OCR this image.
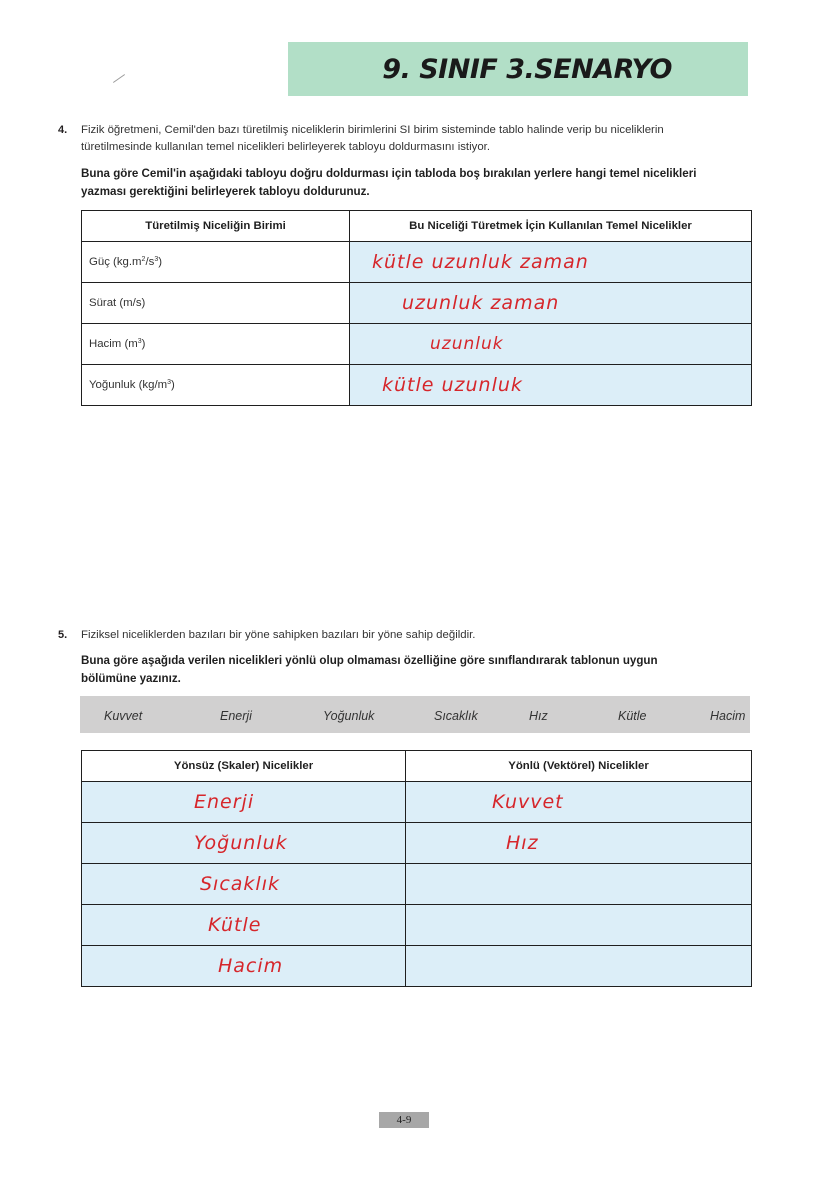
9. SINIF 3.SENARYO
4. Fizik öğretmeni, Cemil'den bazı türetilmiş niceliklerin birimlerini SI birim sisteminde tablo halinde verip bu niceliklerin
türetilmesinde kullanılan temel nicelikleri belirleyerek tabloyu doldurmasını istiyor.
Buna göre Cemil'in aşağıdaki tabloyu doğru doldurması için tabloda boş bırakılan yerlere hangi temel nicelikleri
yazması gerektiğini belirleyerek tabloyu doldurunuz.
Türetilmiş Niceliğin Birimi	Bu Niceliği Türetmek İçin Kullanılan Temel Nicelikler
Güç $(kg.m^2/s^3)$	kütle uzunluk zaman
Sürat (m/s)	uzunluk zaman
Hacim $(m^3)$	uzunluk
Yoğunluk $(kg/m^3)$	kütle uzunluk
5. Fiziksel niceliklerden bazıları bir yöne sahipken bazıları bir yöne sahip değildir.
Buna göre aşağıda verilen nicelikleri yönlü olup olmaması özelliğine göre sınıflandırarak tablonun uygun
bölümüne yazınız.
Kuvvet	Enerji	Yoğunluk	Sıcaklık	Hız	Kütle	Hacim
Yönsüz (Skaler) Nicelikler	Yönlü (Vektörel) Nicelikler
Enerji	Kuvvet
Yoğunluk	Hız
Sıcaklık	
Kütle	
Hacim	
4-9
